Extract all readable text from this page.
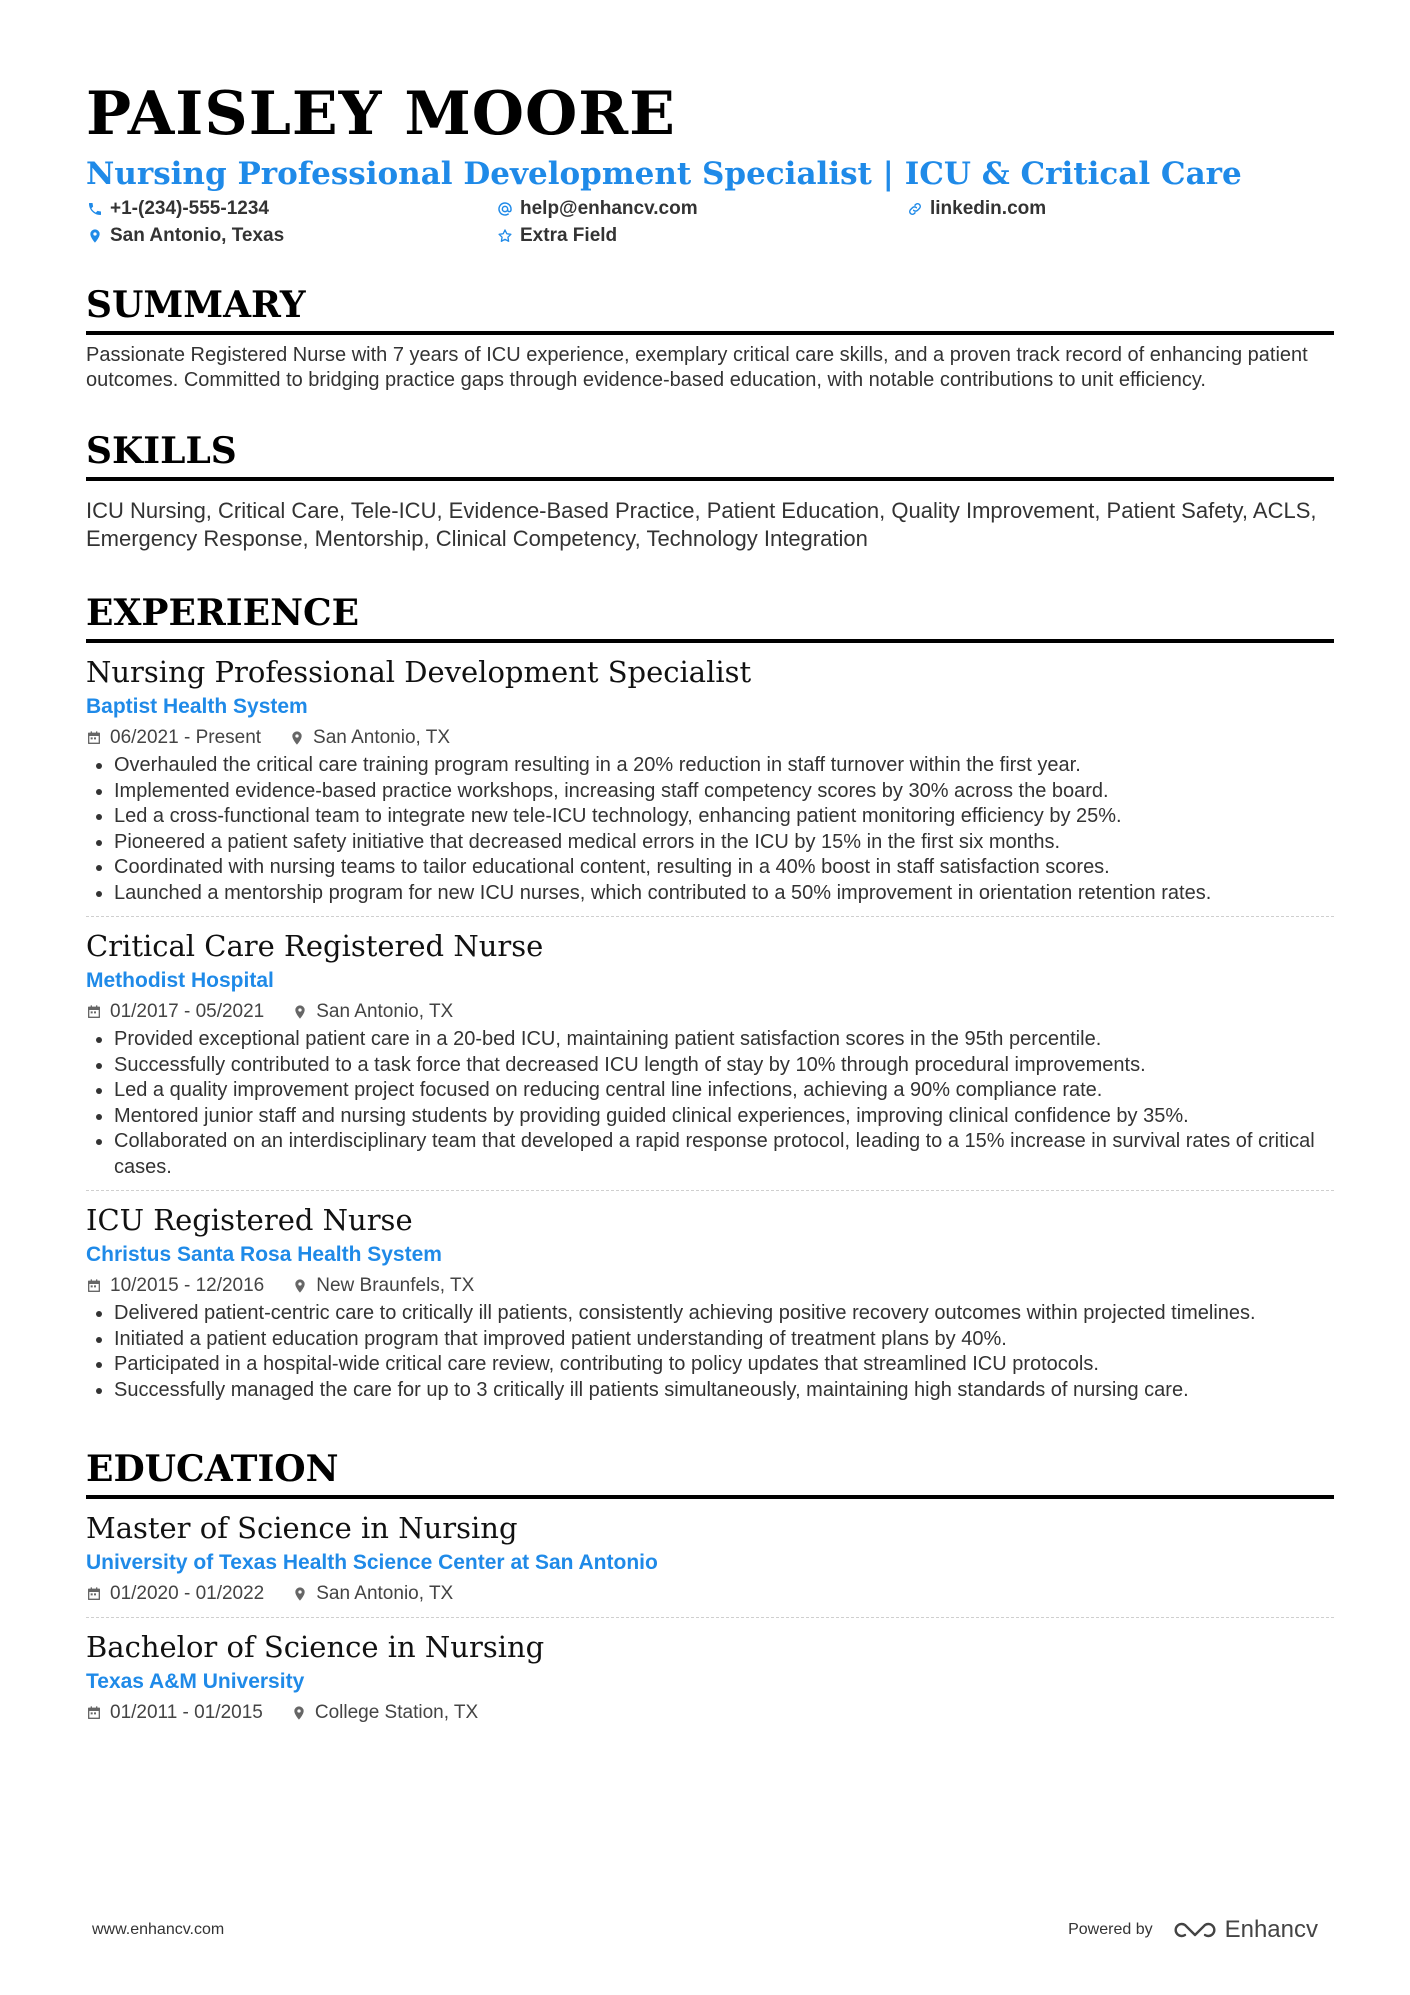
PAISLEY MOORE
Nursing Professional Development Specialist | ICU & Critical Care
+1-(234)-555-1234	help@enhancv.com	linkedin.com
San Antonio, Texas	Extra Field
SUMMARY
Passionate Registered Nurse with 7 years of ICU experience, exemplary critical care skills, and a proven track record of enhancing patient outcomes. Committed to bridging practice gaps through evidence-based education, with notable contributions to unit efficiency.
SKILLS
ICU Nursing, Critical Care, Tele-ICU, Evidence-Based Practice, Patient Education, Quality Improvement, Patient Safety, ACLS, Emergency Response, Mentorship, Clinical Competency, Technology Integration
EXPERIENCE
Nursing Professional Development Specialist
Baptist Health System
06/2021 - Present	San Antonio, TX
• Overhauled the critical care training program resulting in a 20% reduction in staff turnover within the first year.
• Implemented evidence-based practice workshops, increasing staff competency scores by 30% across the board.
• Led a cross-functional team to integrate new tele-ICU technology, enhancing patient monitoring efficiency by 25%.
• Pioneered a patient safety initiative that decreased medical errors in the ICU by 15% in the first six months.
• Coordinated with nursing teams to tailor educational content, resulting in a 40% boost in staff satisfaction scores.
• Launched a mentorship program for new ICU nurses, which contributed to a 50% improvement in orientation retention rates.
Critical Care Registered Nurse
Methodist Hospital
01/2017 - 05/2021	San Antonio, TX
• Provided exceptional patient care in a 20-bed ICU, maintaining patient satisfaction scores in the 95th percentile.
• Successfully contributed to a task force that decreased ICU length of stay by 10% through procedural improvements.
• Led a quality improvement project focused on reducing central line infections, achieving a 90% compliance rate.
• Mentored junior staff and nursing students by providing guided clinical experiences, improving clinical confidence by 35%.
• Collaborated on an interdisciplinary team that developed a rapid response protocol, leading to a 15% increase in survival rates of critical cases.
ICU Registered Nurse
Christus Santa Rosa Health System
10/2015 - 12/2016	New Braunfels, TX
• Delivered patient-centric care to critically ill patients, consistently achieving positive recovery outcomes within projected timelines.
• Initiated a patient education program that improved patient understanding of treatment plans by 40%.
• Participated in a hospital-wide critical care review, contributing to policy updates that streamlined ICU protocols.
• Successfully managed the care for up to 3 critically ill patients simultaneously, maintaining high standards of nursing care.
EDUCATION
Master of Science in Nursing
University of Texas Health Science Center at San Antonio
01/2020 - 01/2022	San Antonio, TX
Bachelor of Science in Nursing
Texas A&M University
01/2011 - 01/2015	College Station, TX
www.enhancv.com	Powered by	Enhancv
